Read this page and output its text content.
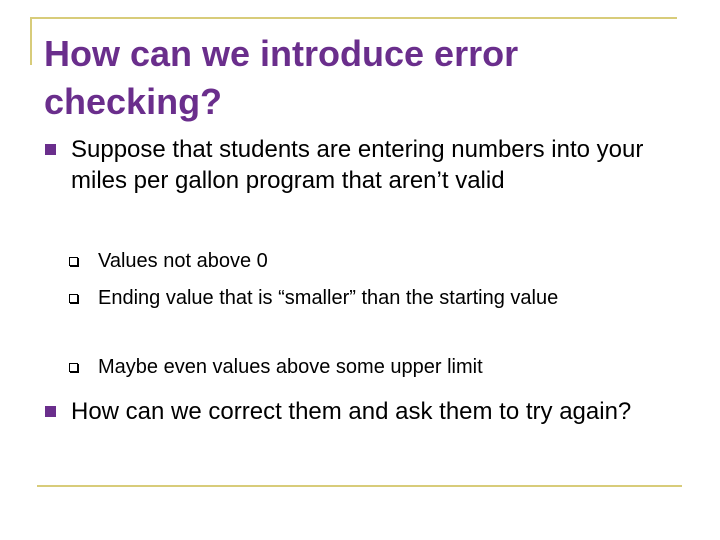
How can we introduce error checking?
Suppose that students are entering numbers into your miles per gallon program that aren’t valid
Values not above 0
Ending value that is “smaller” than the starting value
Maybe even values above some upper limit
How can we correct them and ask them to try again?
